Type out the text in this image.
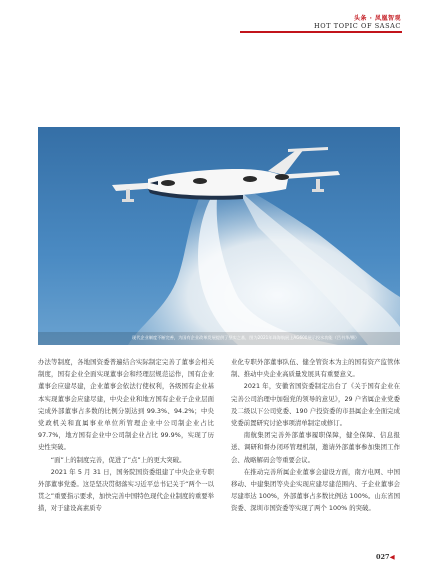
头条 · 凤凰智观
HOT TOPIC OF SASAC
现代企业制度不断完善，为国有企业改革发展提供了坚实之基，图为2021年珠海航展上AG600展示投水功能（吕书华/摄）

办法等制度，各地国资委普遍结合实际制定完善了董事会相关制度，国有企业全面实现董事会和经理层规范运作，国有企业董事会应建尽建，企业董事会依法行使权利，各级国有企业基本实现董事会应建尽建，中央企业和地方国有企业子企业层面完成外部董事占多数的比例分别达到 99.3%、94.2%；中央党政机关和直属事业单位所管理企业中公司制企业占比 97.7%，地方国有企业中公司制企业占比 99.9%，实现了历史性突破。

“面”上的制度完善，促进了“点”上的更大突破。

2021 年 5 月 31 日，国务院国资委组建了中央企业专职外部董事党委。这是坚决贯彻落实习近平总书记关于“两个一以贯之”重要指示要求，加快完善中国特色现代企业制度的重要举措，对于建设高素质专

业化专职外部董事队伍、健全管资本为主的国有资产监管体制、推动中央企业高质量发展具有重要意义。

2021 年，安徽省国资委制定出台了《关于国有企业在完善公司治理中加强党的领导的意见》，29 户省属企业党委及二级以下公司党委、190 户投资委的市县属企业全面完成党委前置研究讨论事项清单制定或修订。

南航集团完善外部董事履职保障，健全保障、信息报送、调研和督办闭环管理机制，邀请外部董事参加集团工作会、战略解码会等重要会议。

在推动完善所属企业董事会建设方面，南方电网、中国移动、中建集团等央企实现应建尽建范围内、子企业董事会尽建率达 100%，外部董事占多数比例达 100%。山东省国资委、深圳市国资委等实现了两个 100% 的突破。

027◀
